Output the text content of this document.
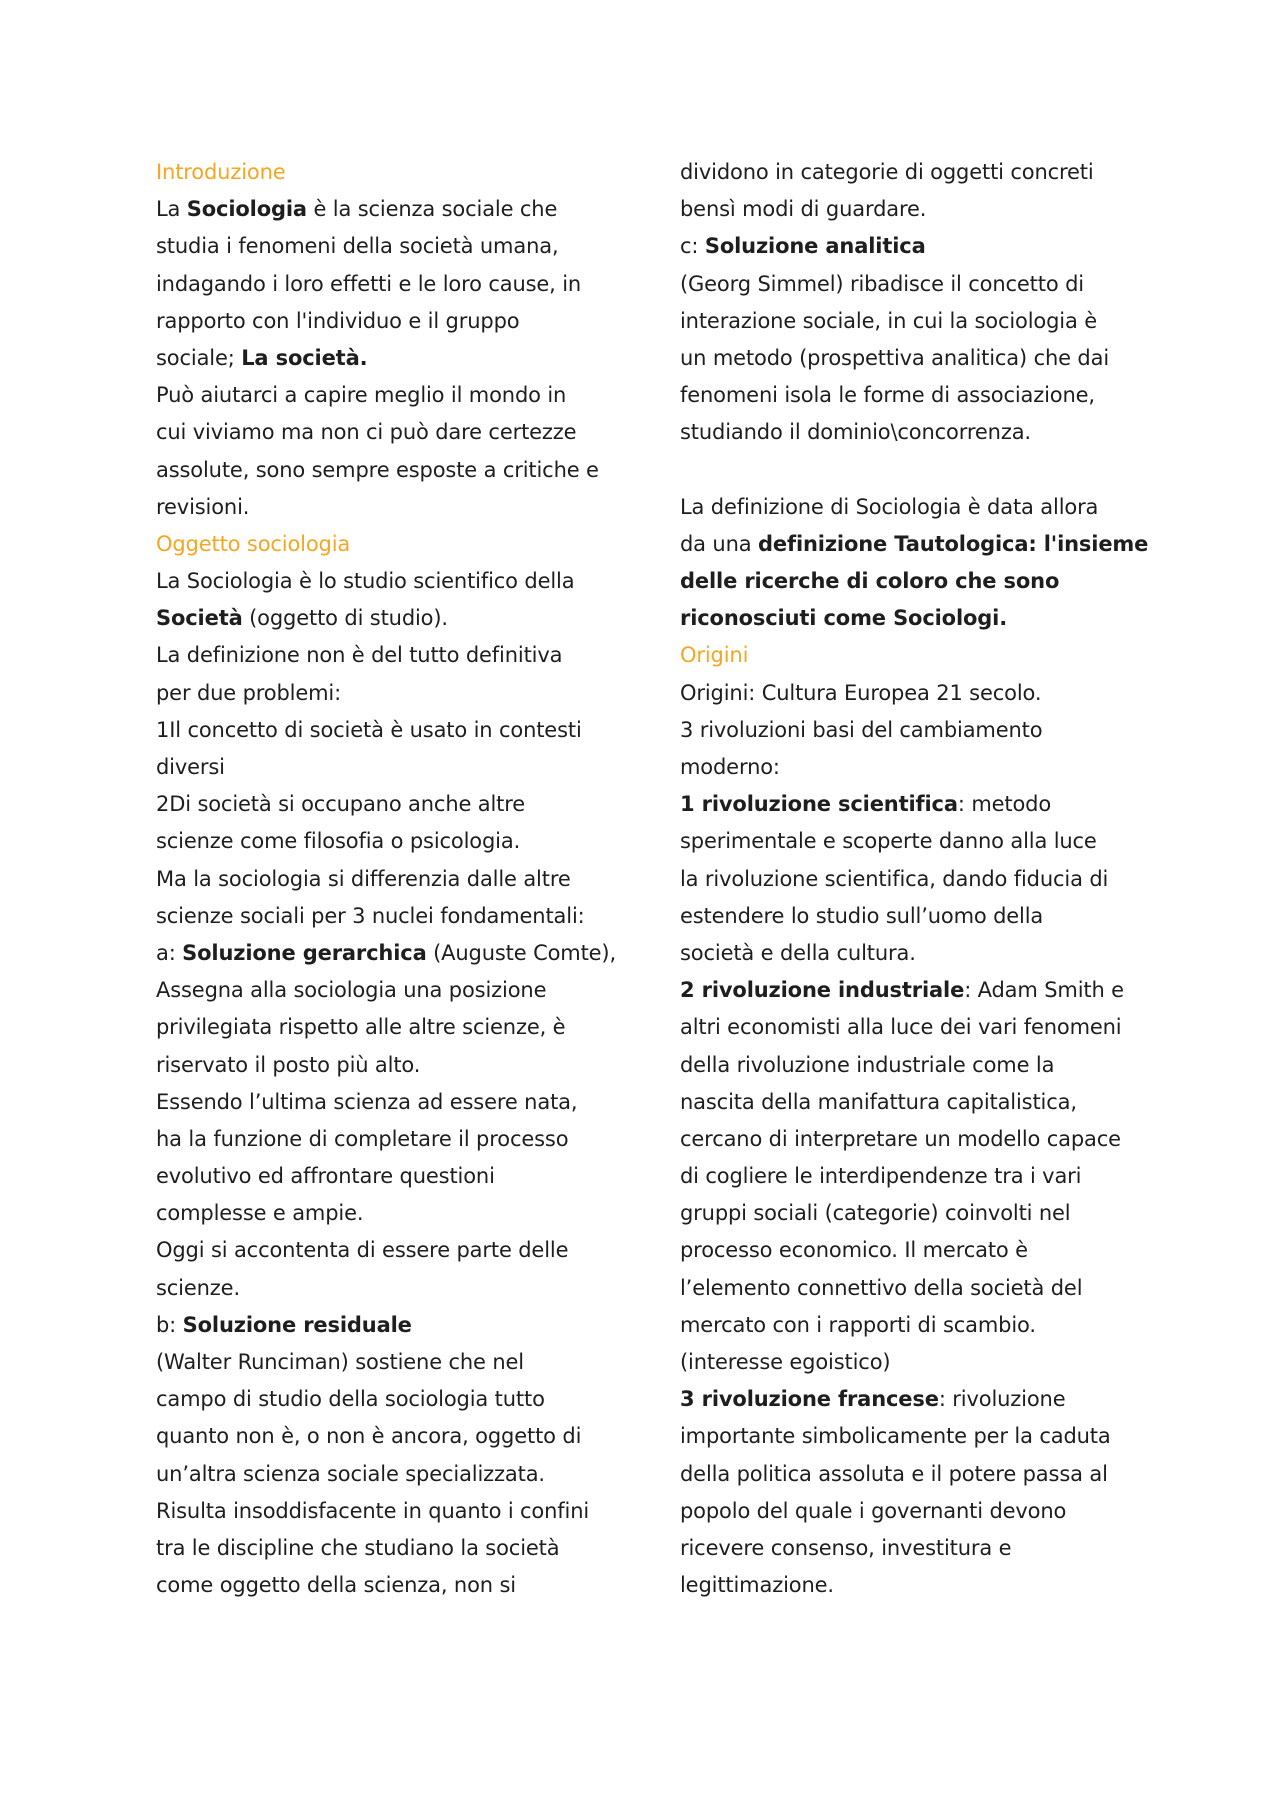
Introduzione
La Sociologia è la scienza sociale che
studia i fenomeni della società umana,
indagando i loro effetti e le loro cause, in
rapporto con l'individuo e il gruppo
sociale; La società.
Può aiutarci a capire meglio il mondo in
cui viviamo ma non ci può dare certezze
assolute, sono sempre esposte a critiche e
revisioni.
Oggetto sociologia
La Sociologia è lo studio scientifico della
Società (oggetto di studio).
La definizione non è del tutto definitiva
per due problemi:
1Il concetto di società è usato in contesti
diversi
2Di società si occupano anche altre
scienze come filosofia o psicologia.
Ma la sociologia si differenzia dalle altre
scienze sociali per 3 nuclei fondamentali:
a: Soluzione gerarchica (Auguste Comte),
Assegna alla sociologia una posizione
privilegiata rispetto alle altre scienze, è
riservato il posto più alto.
Essendo l’ultima scienza ad essere nata,
ha la funzione di completare il processo
evolutivo ed affrontare questioni
complesse e ampie.
Oggi si accontenta di essere parte delle
scienze.
b: Soluzione residuale
(Walter Runciman) sostiene che nel
campo di studio della sociologia tutto
quanto non è, o non è ancora, oggetto di
un’altra scienza sociale specializzata.
Risulta insoddisfacente in quanto i confini
tra le discipline che studiano la società
come oggetto della scienza, non si
dividono in categorie di oggetti concreti
bensì modi di guardare.
c: Soluzione analitica
(Georg Simmel) ribadisce il concetto di
interazione sociale, in cui la sociologia è
un metodo (prospettiva analitica) che dai
fenomeni isola le forme di associazione,
studiando il dominio\concorrenza.
La definizione di Sociologia è data allora
da una definizione Tautologica: l'insieme
delle ricerche di coloro che sono
riconosciuti come Sociologi.
Origini
Origini: Cultura Europea 21 secolo.
3 rivoluzioni basi del cambiamento
moderno:
1 rivoluzione scientifica: metodo
sperimentale e scoperte danno alla luce
la rivoluzione scientifica, dando fiducia di
estendere lo studio sull’uomo della
società e della cultura.
2 rivoluzione industriale: Adam Smith e
altri economisti alla luce dei vari fenomeni
della rivoluzione industriale come la
nascita della manifattura capitalistica,
cercano di interpretare un modello capace
di cogliere le interdipendenze tra i vari
gruppi sociali (categorie) coinvolti nel
processo economico. Il mercato è
l’elemento connettivo della società del
mercato con i rapporti di scambio.
(interesse egoistico)
3 rivoluzione francese: rivoluzione
importante simbolicamente per la caduta
della politica assoluta e il potere passa al
popolo del quale i governanti devono
ricevere consenso, investitura e
legittimazione.
